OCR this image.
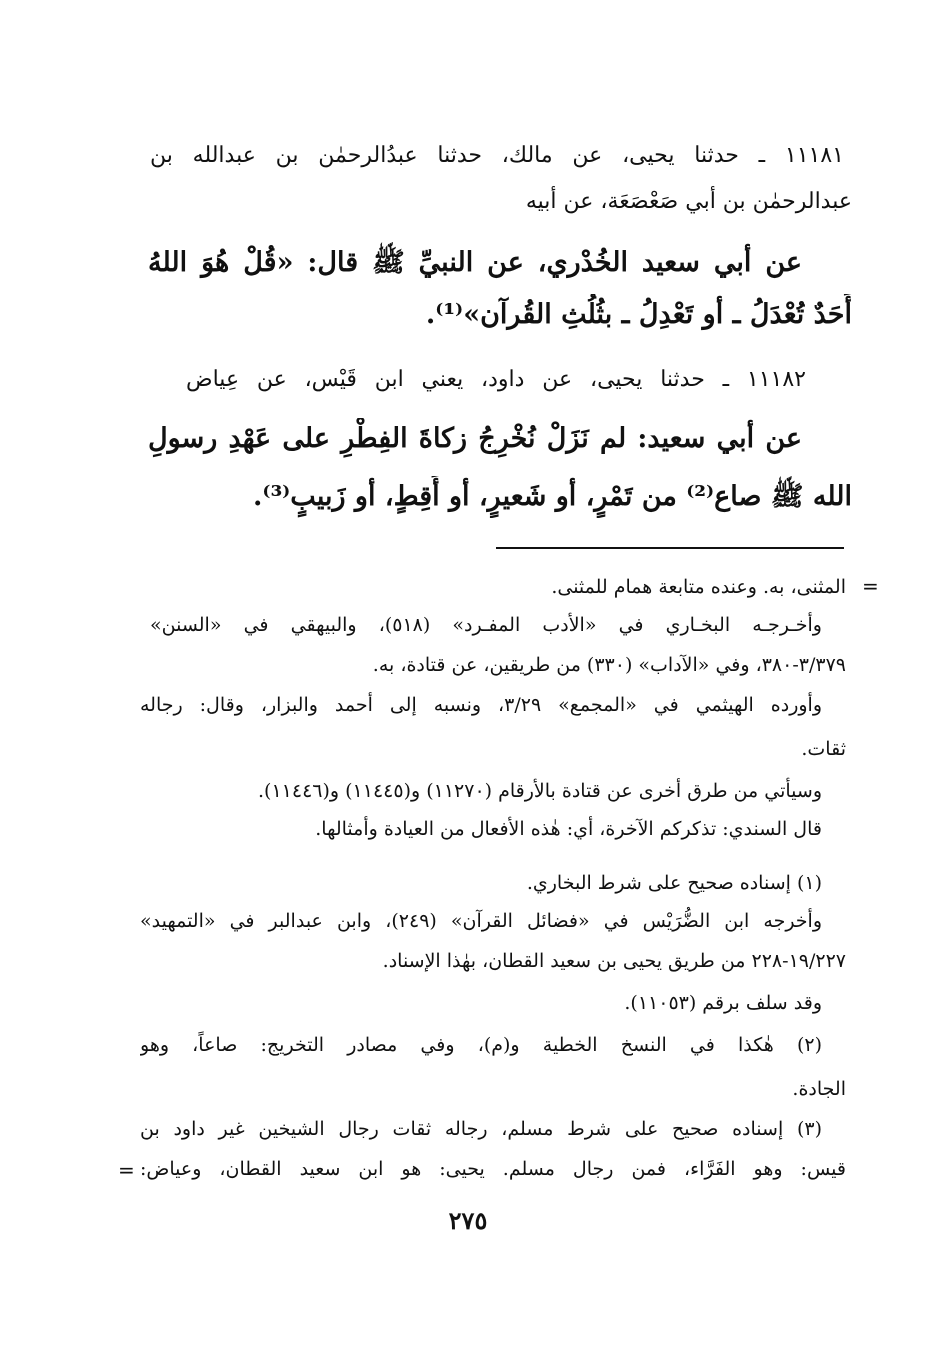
١١١٨١ ـ حدثنا يحيى، عن مالك، حدثنا عبدُالرحمٰن بن عبدالله بن
عبدالرحمٰن بن أبي صَعْصَعَة، عن أبيه
عن أبي سعيد الخُدْري، عن النبيِّ ﷺ قال: «قُلْ هُوَ اللهُ
أَحَدٌ تُعْدَلُ ـ أو تَعْدِلُ ـ بثُلُثِ القُرآن»⁽¹⁾.
١١١٨٢ ـ حدثنا يحيى، عن داود، يعني ابن قَيْس، عن عِياض
عن أبي سعيد: لم نَزَلْ نُخْرِجُ زكاةَ الفِطْرِ على عَهْدِ رسولِ
الله ﷺ صاع⁽²⁾ من تَمْرٍ، أو شَعيرٍ، أو أَقِطٍ، أو زَبيبٍ⁽³⁾.
=
المثنى، به. وعنده متابعة همام للمثنى.
وأخـرجـه البخـاري في «الأدب المفـرد» (٥١٨)، والبيهقي في «السنن»
٣/٣٧٩-٣٨٠، وفي «الآداب» (٣٣٠) من طريقين، عن قتادة، به.
وأورده الهيثمي في «المجمع» ٣/٢٩، ونسبه إلى أحمد والبزار، وقال: رجاله
ثقات.
وسيأتي من طرق أخرى عن قتادة بالأرقام (١١٢٧٠) و(١١٤٤٥) و(١١٤٤٦).
قال السندي: تذكركم الآخرة، أي: هٰذه الأفعال من العيادة وأمثالها.
(١) إسناده صحيح على شرط البخاري.
وأخرجه ابن الضُّرَيْس في «فضائل القرآن» (٢٤٩)، وابن عبدالبر في «التمهيد»
١٩/٢٢٧-٢٢٨ من طريق يحيى بن سعيد القطان، بهٰذا الإسناد.
وقد سلف برقم (١١٠٥٣).
(٢) هٰكذا في النسخ الخطية و(م)، وفي مصادر التخريج: صاعاً، وهو
الجادة.
(٣) إسناده صحيح على شرط مسلم، رجاله ثقات رجال الشيخين غير داود بن
قيس: وهو الفَرَّاء، فمن رجال مسلم. يحيى: هو ابن سعيد القطان، وعياض:
=
٢٧٥
